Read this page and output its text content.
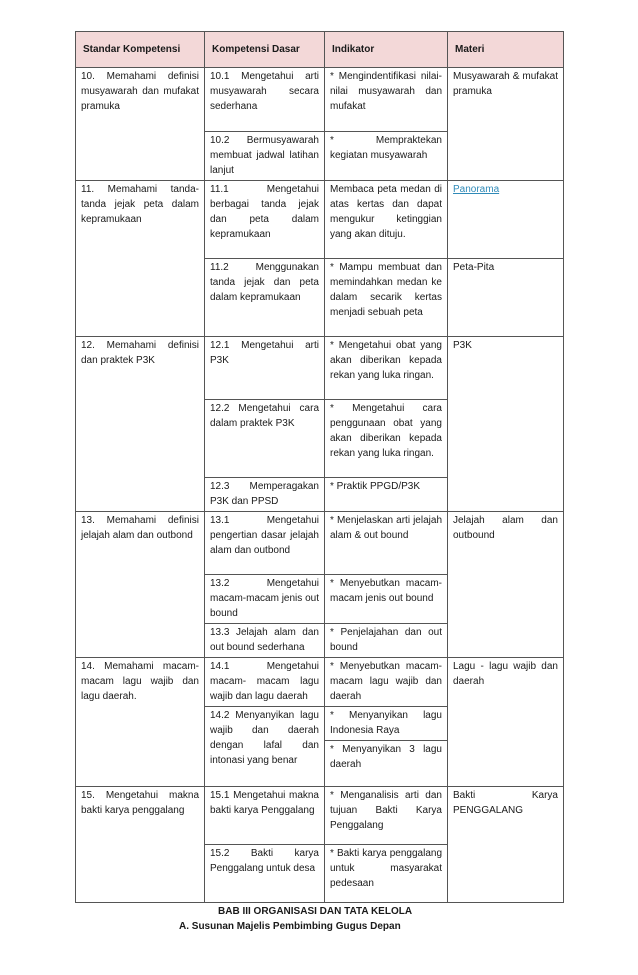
Standar Kompetensi	Kompetensi Dasar	Indikator	Materi
10. Memahami definisi musyawarah dan mufakat pramuka	10.1 Mengetahui arti musyawarah secara sederhana	* Mengindentifikasi nilai-nilai musyawarah dan mufakat	Musyawarah & mufakat pramuka
	10.2 Bermusyawarah membuat jadwal latihan lanjut	* Mempraktekan kegiatan musyawarah	
11. Memahami tanda-tanda jejak peta dalam kepramukaan	11.1 Mengetahui berbagai tanda jejak dan peta dalam kepramukaan	Membaca peta medan di atas kertas dan dapat mengukur ketinggian yang akan dituju.	Panorama
	11.2 Menggunakan tanda jejak dan peta dalam kepramukaan	* Mampu membuat dan memindahkan medan ke dalam secarik kertas menjadi sebuah peta	Peta-Pita
12. Memahami definisi dan praktek P3K	12.1 Mengetahui arti P3K	* Mengetahui obat yang akan diberikan kepada rekan yang luka ringan.	P3K
	12.2 Mengetahui cara dalam praktek P3K	* Mengetahui cara penggunaan obat yang akan diberikan kepada rekan yang luka ringan.	
	12.3 Memperagakan P3K dan PPSD	* Praktik PPGD/P3K	
13. Memahami definisi jelajah alam dan outbond	13.1 Mengetahui pengertian dasar jelajah alam dan outbond	* Menjelaskan arti jelajah alam & out bound	Jelajah alam dan outbound
	13.2 Mengetahui macam-macam jenis out bound	* Menyebutkan macam- macam jenis out bound	
	13.3 Jelajah alam dan out bound sederhana	* Penjelajahan dan out bound	
14. Memahami macam-macam lagu wajib dan lagu daerah.	14.1 Mengetahui macam- macam lagu wajib dan lagu daerah	* Menyebutkan macam- macam lagu wajib dan daerah	Lagu - lagu wajib dan daerah
	14.2 Menyanyikan lagu wajib dan daerah dengan lafal dan intonasi yang benar	* Menyanyikan lagu Indonesia Raya	
		* Menyanyikan 3 lagu daerah	
15. Mengetahui makna bakti karya penggalang	15.1 Mengetahui makna bakti karya Penggalang	* Menganalisis arti dan tujuan Bakti Karya Penggalang	Bakti Karya PENGGALANG
	15.2 Bakti karya Penggalang untuk desa	* Bakti karya penggalang untuk masyarakat pedesaan	
BAB III ORGANISASI DAN TATA KELOLA
A. Susunan Majelis Pembimbing Gugus Depan
